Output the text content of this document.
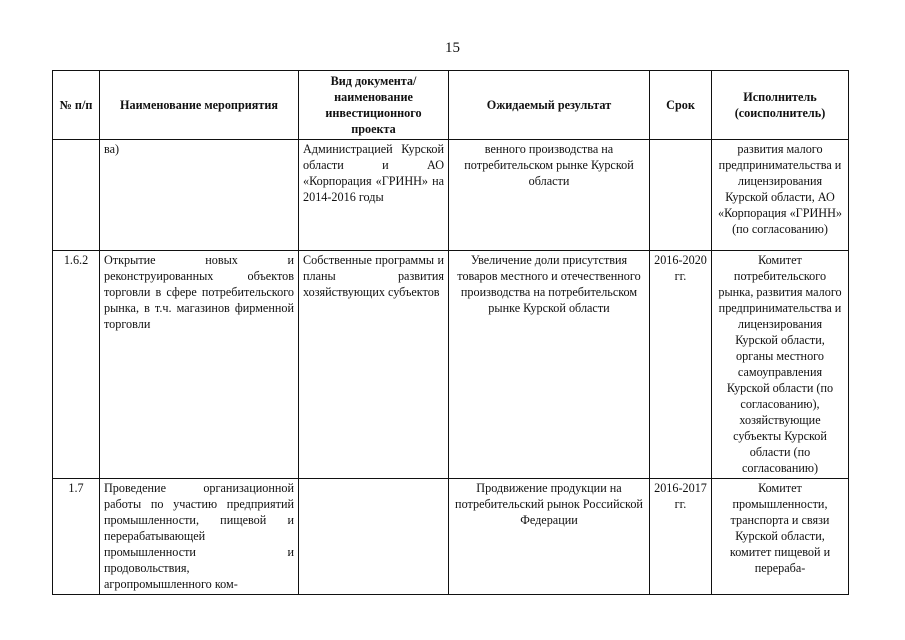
15
№ п/п	Наименование мероприятия	Вид документа/ наименование инвестиционного проекта	Ожидаемый результат	Срок	Исполнитель (соисполнитель)
	ва)	Администрацией Курской области и АО «Корпорация «ГРИНН» на 2014-2016 годы	венного производства на потребительском рынке Курской области		развития малого предпринимательства и лицензирования Курской области, АО «Корпорация «ГРИНН» (по согласованию)
1.6.2	Открытие новых и реконструированных объектов торговли в сфере потребительского рынка, в т.ч. магазинов фирменной торговли	Собственные программы и планы развития хозяйствующих субъектов	Увеличение доли присутствия товаров местного и отечественного производства на потребительском рынке Курской области	2016-2020 гг.	Комитет потребительского рынка, развития малого предпринимательства и лицензирования Курской области, органы местного самоуправления Курской области (по согласованию), хозяйствующие субъекты Курской области (по согласованию)
1.7	Проведение организационной работы по участию предприятий промышленности, пищевой и перерабатывающей промышленности и продовольствия, агропромышленного ком-		Продвижение продукции на потребительский рынок Российской Федерации	2016-2017 гг.	Комитет промышленности, транспорта и связи Курской области, комитет пищевой и перераба-
